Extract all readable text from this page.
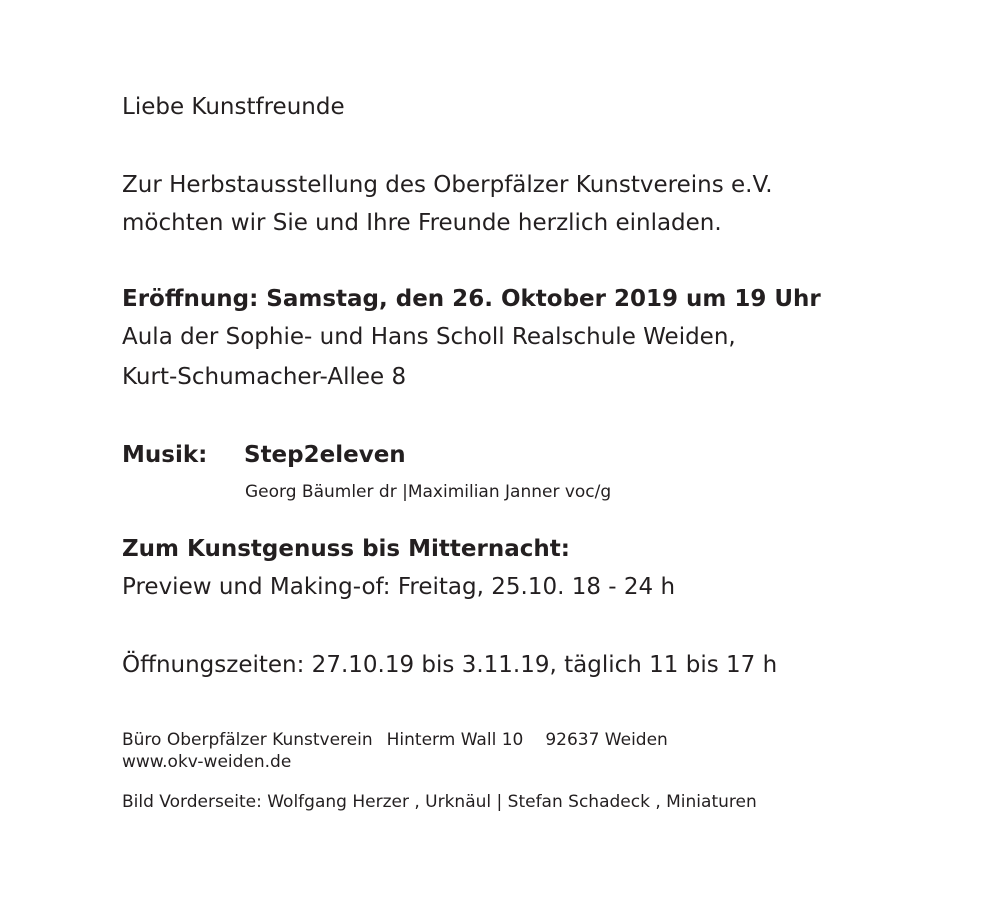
Liebe Kunstfreunde
Zur Herbstausstellung des Oberpfälzer Kunstvereins e.V.
möchten wir Sie und Ihre Freunde herzlich einladen.
Eröffnung: Samstag, den 26. Oktober 2019 um 19 Uhr
Aula der Sophie- und Hans Scholl Realschule Weiden,
Kurt-Schumacher-Allee 8
Musik: Step2eleven
Georg Bäumler dr |Maximilian Janner voc/g
Zum Kunstgenuss bis Mitternacht:
Preview und Making-of: Freitag, 25.10. 18 - 24 h
Öffnungszeiten: 27.10.19 bis 3.11.19, täglich 11 bis 17 h
Büro Oberpfälzer Kunstverein Hinterm Wall 10 92637 Weiden
www.okv-weiden.de
Bild Vorderseite: Wolfgang Herzer , Urknäul | Stefan Schadeck , Miniaturen
